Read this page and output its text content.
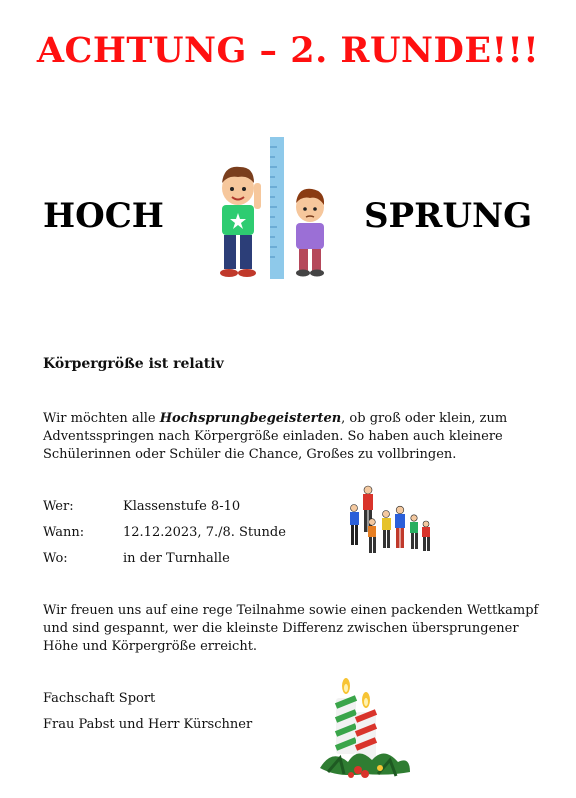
ACHTUNG – 2. RUNDE!!!
HOCH	SPRUNG
Körpergröße ist relativ
Wir möchten alle Hochsprungbegeisterten, ob groß oder klein, zum Adventsspringen nach Körpergröße einladen. So haben auch kleinere Schülerinnen oder Schüler die Chance, Großes zu vollbringen.
Wer:	Klassenstufe 8-10
Wann:	12.12.2023, 7./8. Stunde
Wo:	in der Turnhalle
Wir freuen uns auf eine rege Teilnahme sowie einen packenden Wettkampf und sind gespannt, wer die kleinste Differenz zwischen übersprungener Höhe und Körpergröße erreicht.
Fachschaft Sport
Frau Pabst und Herr Kürschner
